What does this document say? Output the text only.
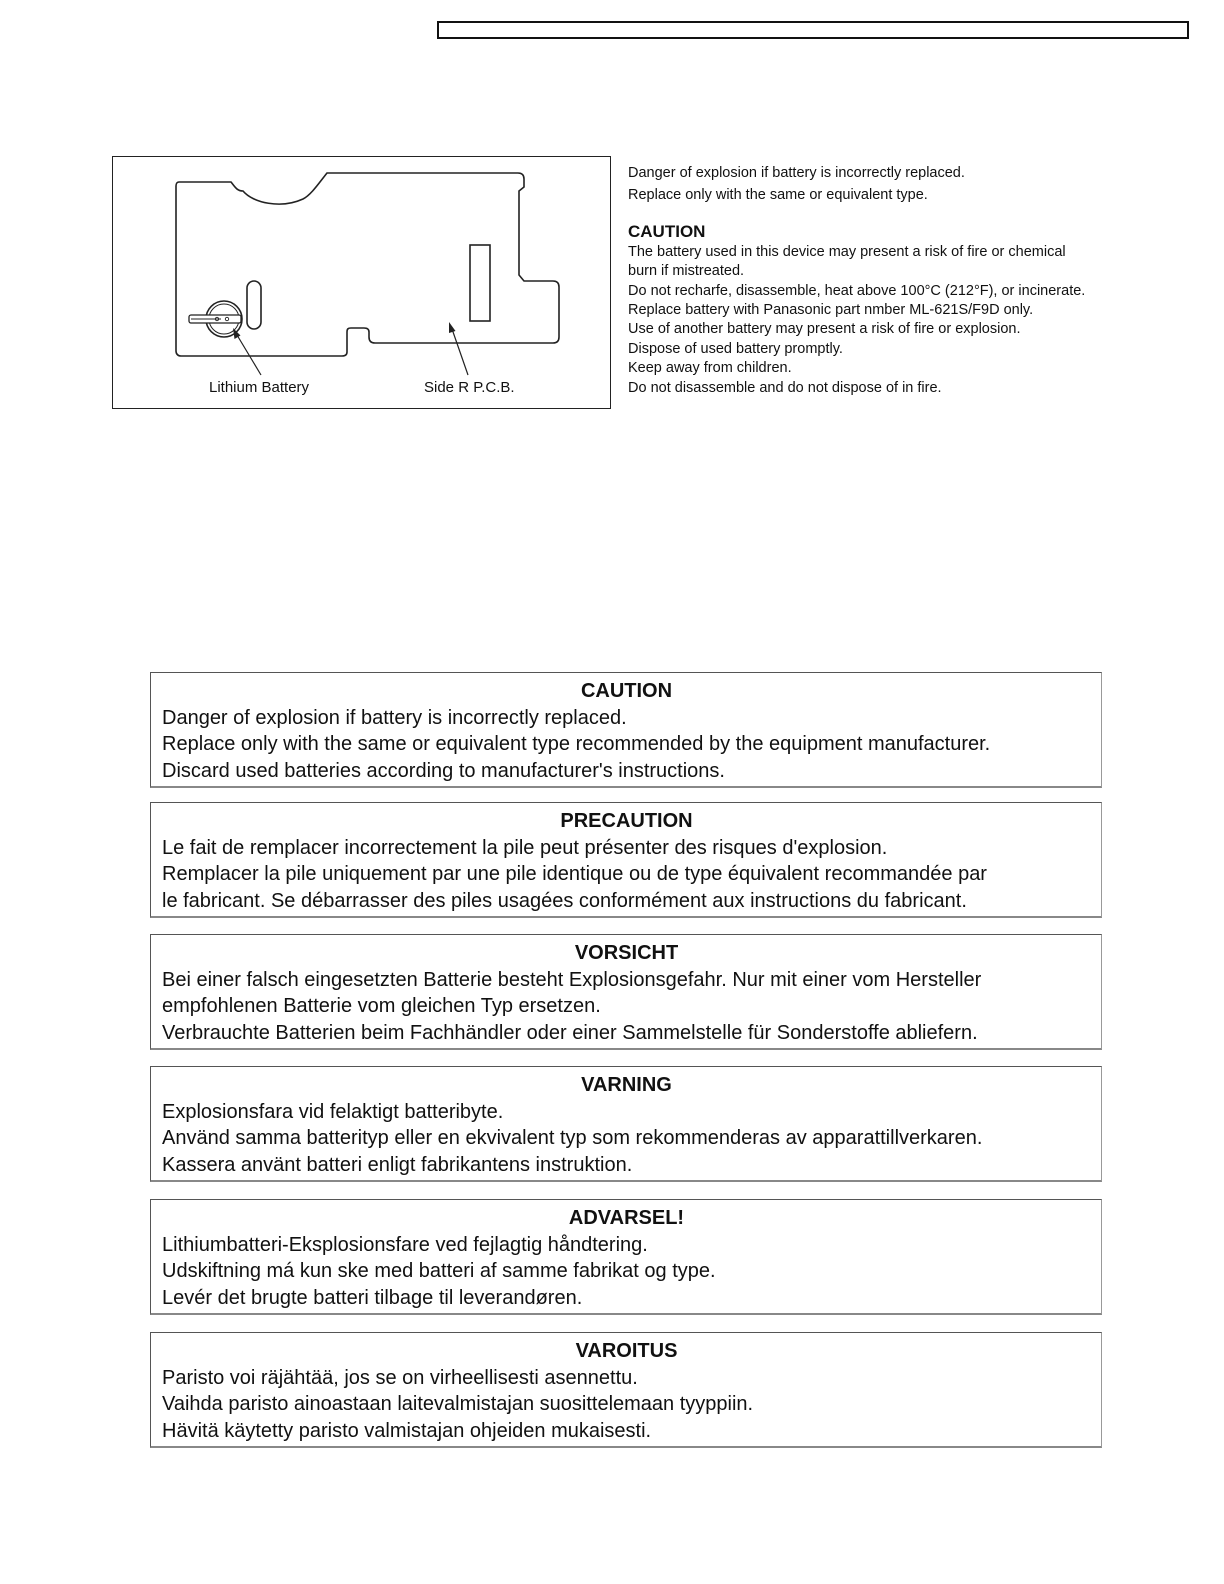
Lithium Battery	Side R P.C.B.
Danger of explosion if battery is incorrectly replaced.
Replace only with the same or equivalent type.
CAUTION
The battery used in this device may present a risk of fire or chemical
burn if mistreated.
Do not recharfe, disassemble, heat above 100°C (212°F), or incinerate.
Replace battery with Panasonic part nmber ML-621S/F9D only.
Use of another battery may present a risk of fire or explosion.
Dispose of used battery promptly.
Keep away from children.
Do not disassemble and do not dispose of in fire.
CAUTION
Danger of explosion if battery is incorrectly replaced.
Replace only with the same or equivalent type recommended by the equipment manufacturer.
Discard used batteries according to manufacturer's instructions.
PRECAUTION
Le fait de remplacer incorrectement la pile peut présenter des risques d'explosion.
Remplacer la pile uniquement par une pile identique ou de type équivalent recommandée par
le fabricant. Se débarrasser des piles usagées conformément aux instructions du fabricant.
VORSICHT
Bei einer falsch eingesetzten Batterie besteht Explosionsgefahr. Nur mit einer vom Hersteller
empfohlenen Batterie vom gleichen Typ ersetzen.
Verbrauchte Batterien beim Fachhändler oder einer Sammelstelle für Sonderstoffe abliefern.
VARNING
Explosionsfara vid felaktigt batteribyte.
Använd samma batterityp eller en ekvivalent typ som rekommenderas av apparattillverkaren.
Kassera använt batteri enligt fabrikantens instruktion.
ADVARSEL!
Lithiumbatteri-Eksplosionsfare ved fejlagtig håndtering.
Udskiftning má kun ske med batteri af samme fabrikat og type.
Levér det brugte batteri tilbage til leverandøren.
VAROITUS
Paristo voi räjähtää, jos se on virheellisesti asennettu.
Vaihda paristo ainoastaan laitevalmistajan suosittelemaan tyyppiin.
Hävitä käytetty paristo valmistajan ohjeiden mukaisesti.
